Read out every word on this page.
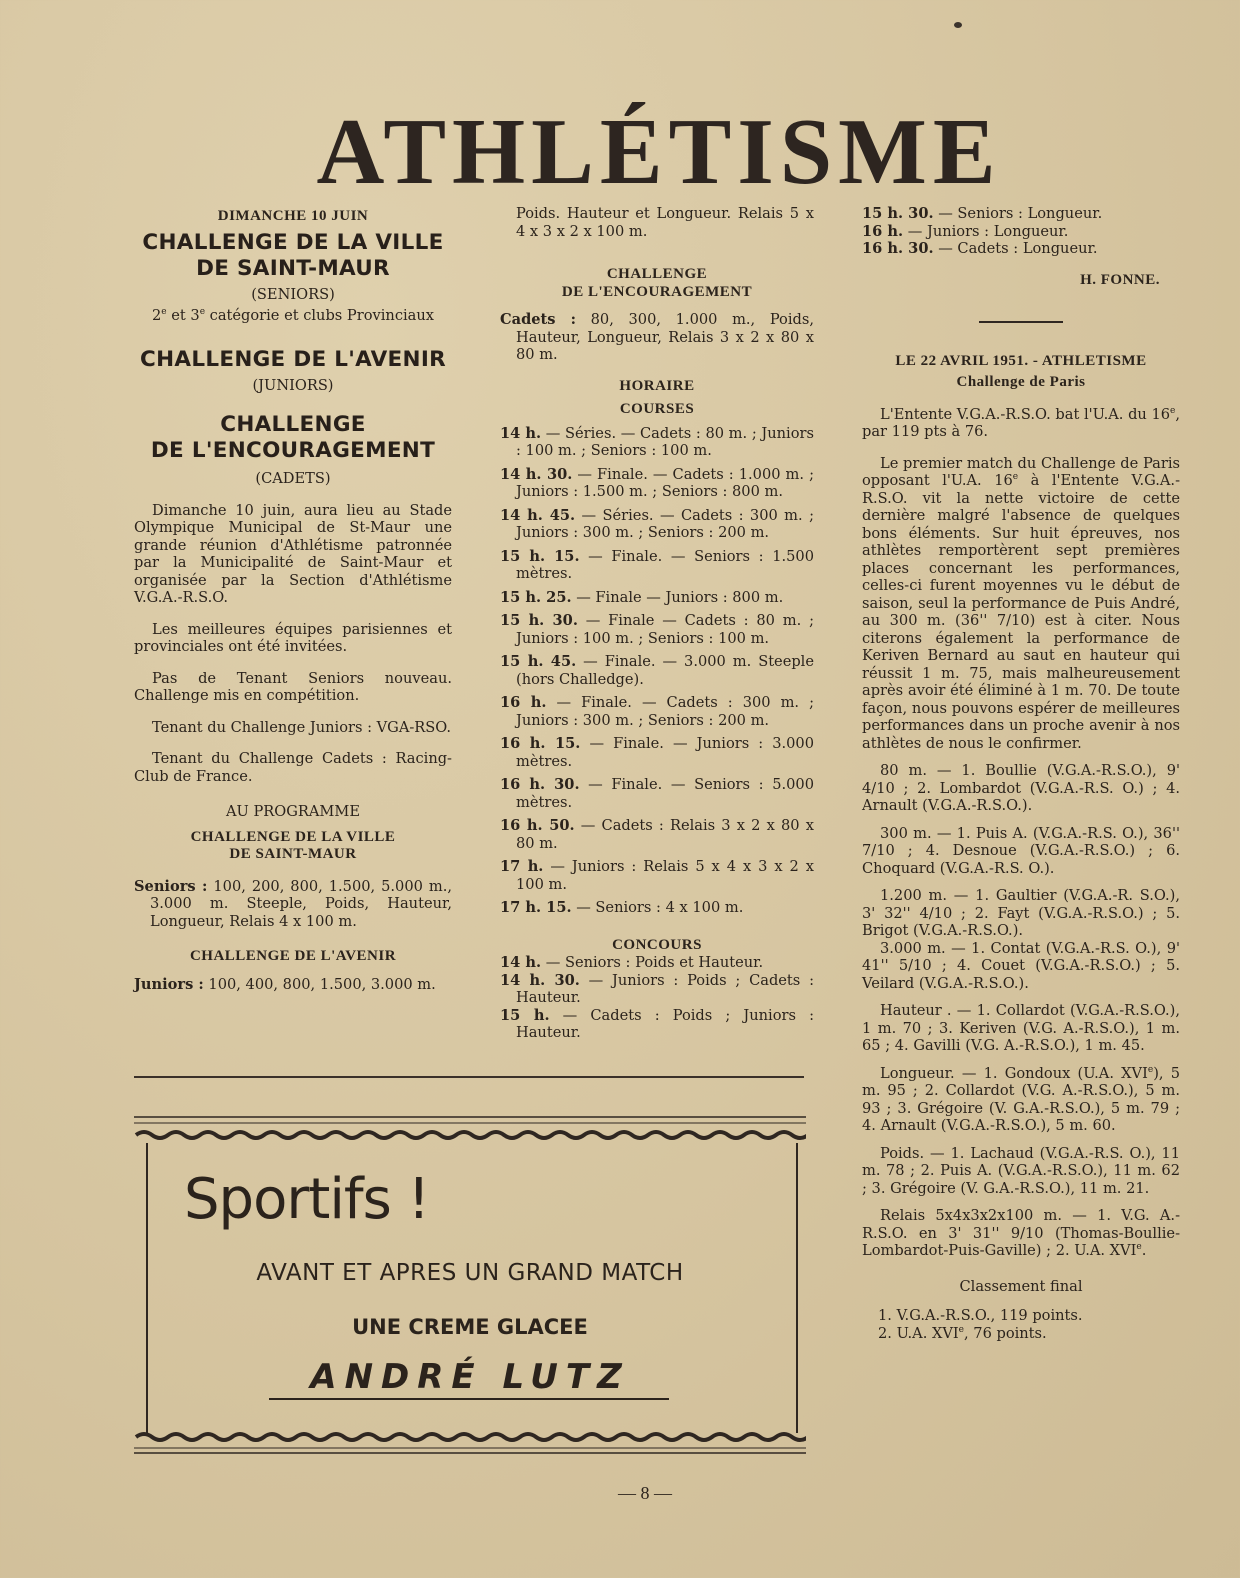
ATHLÉTISME
DIMANCHE 10 JUIN
CHALLENGE DE LA VILLE
DE SAINT-MAUR
(SENIORS)
2e et 3e catégorie et clubs Provinciaux
CHALLENGE DE L'AVENIR
(JUNIORS)
CHALLENGE
DE L'ENCOURAGEMENT
(CADETS)

Dimanche 10 juin, aura lieu au Stade Olympique Municipal de St-Maur une grande réunion d'Athlétisme patronnée par la Municipalité de Saint-Maur et organisée par la Section d'Athlétisme V.G.A.-R.S.O.

Les meilleures équipes parisiennes et provinciales ont été invitées.

Pas de Tenant Seniors nouveau. Challenge mis en compétition.

Tenant du Challenge Juniors : VGA-RSO.

Tenant du Challenge Cadets : Racing-Club de France.

AU PROGRAMME
CHALLENGE DE LA VILLE
DE SAINT-MAUR

Seniors : 100, 200, 800, 1.500, 5.000 m., 3.000 m. Steeple, Poids, Hauteur, Longueur, Relais 4 x 100 m.

CHALLENGE DE L'AVENIR

Juniors : 100, 400, 800, 1.500, 3.000 m.

Poids. Hauteur et Longueur. Relais 5 x 4 x 3 x 2 x 100 m.

CHALLENGE
DE L'ENCOURAGEMENT

Cadets : 80, 300, 1.000 m., Poids, Hauteur, Longueur, Relais 3 x 2 x 80 x 80 m.

HORAIRE
COURSES

14 h. — Séries. — Cadets : 80 m. ; Juniors : 100 m. ; Seniors : 100 m.

14 h. 30. — Finale. — Cadets : 1.000 m. ; Juniors : 1.500 m. ; Seniors : 800 m.

14 h. 45. — Séries. — Cadets : 300 m. ; Juniors : 300 m. ; Seniors : 200 m.

15 h. 15. — Finale. — Seniors : 1.500 mètres.

15 h. 25. — Finale — Juniors : 800 m.

15 h. 30. — Finale — Cadets : 80 m. ; Juniors : 100 m. ; Seniors : 100 m.

15 h. 45. — Finale. — 3.000 m. Steeple (hors Challedge).

16 h. — Finale. — Cadets : 300 m. ; Juniors : 300 m. ; Seniors : 200 m.

16 h. 15. — Finale. — Juniors : 3.000 mètres.

16 h. 30. — Finale. — Seniors : 5.000 mètres.

16 h. 50. — Cadets : Relais 3 x 2 x 80 x 80 m.

17 h. — Juniors : Relais 5 x 4 x 3 x 2 x 100 m.

17 h. 15. — Seniors : 4 x 100 m.

CONCOURS

14 h. — Seniors : Poids et Hauteur.

14 h. 30. — Juniors : Poids ; Cadets : Hauteur.

15 h. — Cadets : Poids ; Juniors : Hauteur.

15 h. 30. — Seniors : Longueur.

16 h. — Juniors : Longueur.

16 h. 30. — Cadets : Longueur.

H. FONNE.
LE 22 AVRIL 1951. - ATHLETISME
Challenge de Paris

L'Entente V.G.A.-R.S.O. bat l'U.A. du 16e, par 119 pts à 76.

Le premier match du Challenge de Paris opposant l'U.A. 16e à l'Entente V.G.A.-R.S.O. vit la nette victoire de cette dernière malgré l'absence de quelques bons éléments. Sur huit épreuves, nos athlètes remportèrent sept premières places concernant les performances, celles-ci furent moyennes vu le début de saison, seul la performance de Puis André, au 300 m. (36'' 7/10) est à citer. Nous citerons également la performance de Keriven Bernard au saut en hauteur qui réussit 1 m. 75, mais malheureusement après avoir été éliminé à 1 m. 70. De toute façon, nous pouvons espérer de meilleures performances dans un proche avenir à nos athlètes de nous le confirmer.

80 m. — 1. Boullie (V.G.A.-R.S.O.), 9' 4/10 ; 2. Lombardot (V.G.A.-R.S. O.) ; 4. Arnault (V.G.A.-R.S.O.).

300 m. — 1. Puis A. (V.G.A.-R.S. O.), 36'' 7/10 ; 4. Desnoue (V.G.A.-R.S.O.) ; 6. Choquard (V.G.A.-R.S. O.).

1.200 m. — 1. Gaultier (V.G.A.-R. S.O.), 3' 32'' 4/10 ; 2. Fayt (V.G.A.-R.S.O.) ; 5. Brigot (V.G.A.-R.S.O.).

3.000 m. — 1. Contat (V.G.A.-R.S. O.), 9' 41'' 5/10 ; 4. Couet (V.G.A.-R.S.O.) ; 5. Veilard (V.G.A.-R.S.O.).

Hauteur . — 1. Collardot (V.G.A.-R.S.O.), 1 m. 70 ; 3. Keriven (V.G. A.-R.S.O.), 1 m. 65 ; 4. Gavilli (V.G. A.-R.S.O.), 1 m. 45.

Longueur. — 1. Gondoux (U.A. XVIe), 5 m. 95 ; 2. Collardot (V.G. A.-R.S.O.), 5 m. 93 ; 3. Grégoire (V. G.A.-R.S.O.), 5 m. 79 ; 4. Arnault (V.G.A.-R.S.O.), 5 m. 60.

Poids. — 1. Lachaud (V.G.A.-R.S. O.), 11 m. 78 ; 2. Puis A. (V.G.A.-R.S.O.), 11 m. 62 ; 3. Grégoire (V. G.A.-R.S.O.), 11 m. 21.

Relais 5x4x3x2x100 m. — 1. V.G. A.-R.S.O. en 3' 31'' 9/10 (Thomas-Boullie-Lombardot-Puis-Gaville) ; 2. U.A. XVIe.

Classement final
1. V.G.A.-R.S.O., 119 points.
2. U.A. XVIe, 76 points.
Sportifs !
AVANT ET APRES UN GRAND MATCH
UNE CREME GLACEE
ANDRÉ LUTZ
— 8 —
